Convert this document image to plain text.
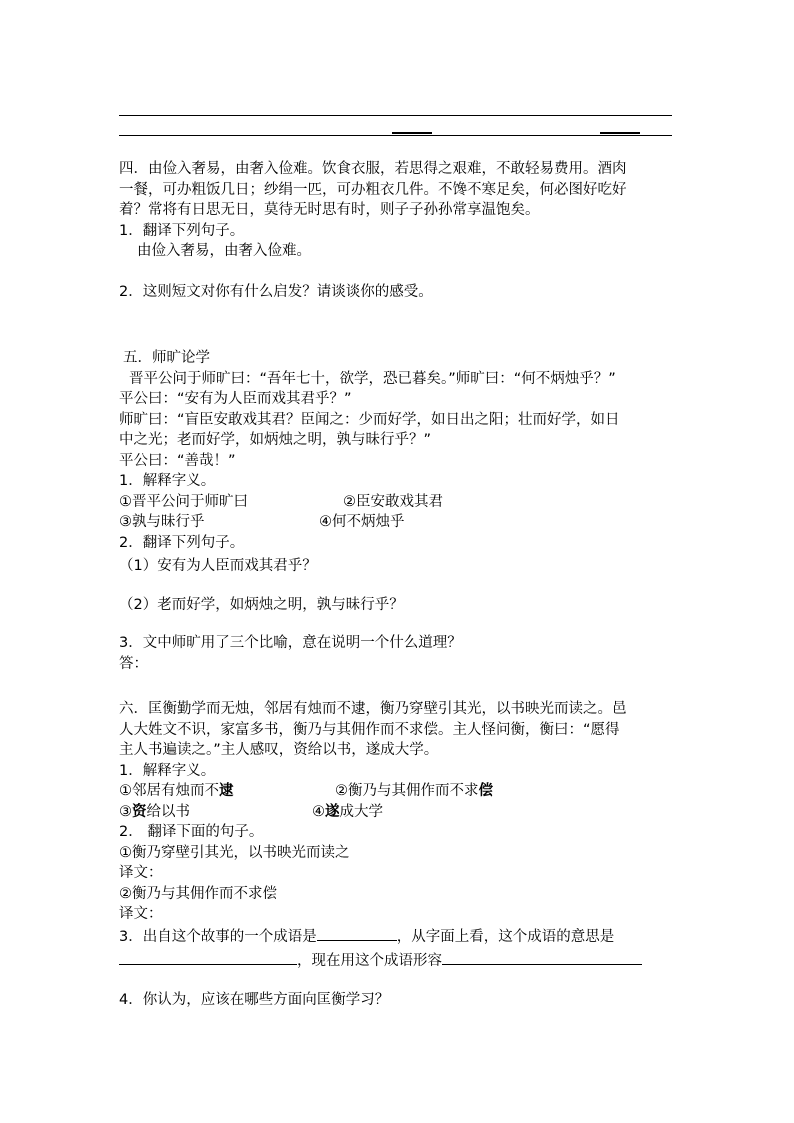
四．由俭入奢易，由奢入俭难。饮食衣服，若思得之艰难，不敢轻易费用。酒肉
一餐，可办粗饭几日；纱绢一匹，可办粗衣几件。不馋不寒足矣，何必图好吃好
着？常将有日思无日，莫待无时思有时，则子子孙孙常享温饱矣。
1．翻译下列句子。
由俭入奢易，由奢入俭难。
2．这则短文对你有什么启发？请谈谈你的感受。
五．师旷论学
晋平公问于师旷曰：“吾年七十，欲学，恐已暮矣。”师旷曰：“何不炳烛乎？”
平公曰：“安有为人臣而戏其君乎？”
师旷曰：“盲臣安敢戏其君？臣闻之：少而好学，如日出之阳；壮而好学，如日
中之光；老而好学，如炳烛之明，孰与昧行乎？”
平公曰：“善哉！”
1．解释字义。
①晋平公问于师旷曰	②臣安敢戏其君
③孰与昧行乎	④何不炳烛乎
2．翻译下列句子。
（1）安有为人臣而戏其君乎？
（2）老而好学，如炳烛之明，孰与昧行乎？
3．文中师旷用了三个比喻，意在说明一个什么道理？
答：
六．匡衡勤学而无烛，邻居有烛而不逮，衡乃穿壁引其光，以书映光而读之。邑
人大姓文不识，家富多书，衡乃与其佣作而不求偿。主人怪问衡，衡曰：“愿得
主人书遍读之。”主人感叹，资给以书，遂成大学。
1．解释字义。
①邻居有烛而不逮	②衡乃与其佣作而不求偿
③资给以书	④遂成大学
2． 翻译下面的句子。
①衡乃穿壁引其光，以书映光而读之
译文：
②衡乃与其佣作而不求偿
译文：
3．出自这个故事的一个成语是	，从字面上看，这个成语的意思是
，现在用这个成语形容
4．你认为，应该在哪些方面向匡衡学习？
